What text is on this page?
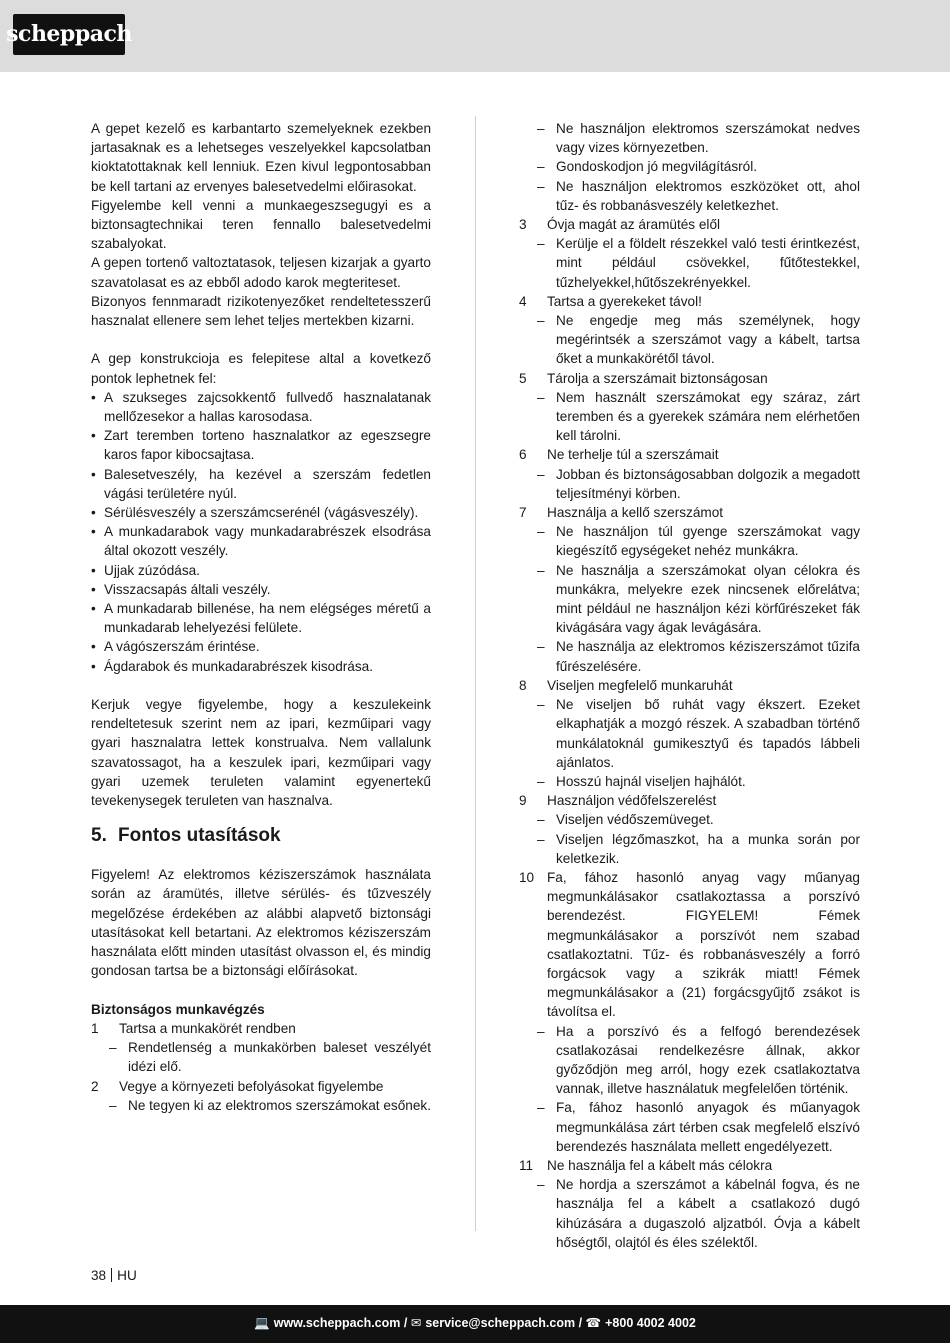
scheppach
A gepet kezelő es karbantarto szemelyeknek ezekben jartasaknak es a lehetseges veszelyekkel kapcsolatban kioktatottaknak kell lenniuk. Ezen kivul legpontosabban be kell tartani az ervenyes balesetvedelmi előirasokat.
Figyelembe kell venni a munkaegeszsegugyi es a biztonsagtechnikai teren fennallo balesetvedelmi szabalyokat.
A gepen tortenő valtoztatasok, teljesen kizarjak a gyarto szavatolasat es az ebből adodo karok megteriteset.
Bizonyos fennmaradt rizikotenyezőket rendeltetesszerű hasznalat ellenere sem lehet teljes mertekben kizarni.
A gep konstrukcioja es felepitese altal a kovetkező pontok lephetnek fel:
• A szukseges zajcsokkentő fullvedő hasznalatanak mellőzesekor a hallas karosodasa.
• Zart teremben torteno hasznalatkor az egeszsegre karos fapor kibocsajtasa.
• Balesetveszély, ha kezével a szerszám fedetlen vágási területére nyúl.
• Sérülésveszély a szerszámcserénél (vágásveszély).
• A munkadarabok vagy munkadarabrészek elsodrása által okozott veszély.
• Ujjak zúzódása.
• Visszacsapás általi veszély.
• A munkadarab billenése, ha nem elégséges méretű a munkadarab lehelyezési felülete.
• A vágószerszám érintése.
• Ágdarabok és munkadarabrészek kisodrása.
Kerjuk vegye figyelembe, hogy a keszulekeink rendeltetesuk szerint nem az ipari, kezműipari vagy gyari hasznalatra lettek konstrualva. Nem vallalunk szavatossagot, ha a keszulek ipari, kezműipari vagy gyari uzemek teruleten valamint egyenertekű tevekenysegek teruleten van hasznalva.
5. Fontos utasítások
Figyelem! Az elektromos kéziszerszámok használata során az áramütés, illetve sérülés- és tűzveszély megelőzése érdekében az alábbi alapvető biztonsági utasításokat kell betartani. Az elektromos kéziszerszám használata előtt minden utasítást olvasson el, és mindig gondosan tartsa be a biztonsági előírásokat.
Biztonságos munkavégzés
1 Tartsa a munkakörét rendben
– Rendetlenség a munkakörben baleset veszélyét idézi elő.
2 Vegye a környezeti befolyásokat figyelembe
– Ne tegyen ki az elektromos szerszámokat esőnek.
– Ne használjon elektromos szerszámokat nedves vagy vizes környezetben.
– Gondoskodjon jó megvilágításról.
– Ne használjon elektromos eszközöket ott, ahol tűz- és robbanásveszély keletkezhet.
3 Óvja magát az áramütés elől
– Kerülje el a földelt részekkel való testi érintkezést, mint például csövekkel, fűtőtestekkel, tűzhelyekkel,hűtőszekrényekkel.
4 Tartsa a gyerekeket távol!
– Ne engedje meg más személynek, hogy megérintsék a szerszámot vagy a kábelt, tartsa őket a munkakörétől távol.
5 Tárolja a szerszámait biztonságosan
– Nem használt szerszámokat egy száraz, zárt teremben és a gyerekek számára nem elérhetően kell tárolni.
6 Ne terhelje túl a szerszámait
– Jobban és biztonságosabban dolgozik a megadott teljesítményi körben.
7 Használja a kellő szerszámot
– Ne használjon túl gyenge szerszámokat vagy kiegészítő egységeket nehéz munkákra.
– Ne használja a szerszámokat olyan célokra és munkákra, melyekre ezek nincsenek előrelátva; mint például ne használjon kézi körfűrészeket fák kivágására vagy ágak levágására.
– Ne használja az elektromos kéziszerszámot tűzifa fűrészelésére.
8 Viseljen megfelelő munkaruhát
– Ne viseljen bő ruhát vagy ékszert. Ezeket elkaphatják a mozgó részek. A szabadban történő munkálatoknál gumikesztyű és tapadós lábbeli ajánlatos.
– Hosszú hajnál viseljen hajhálót.
9 Használjon védőfelszerelést
– Viseljen védőszemüveget.
– Viseljen légzőmaszkot, ha a munka során por keletkezik.
10 Fa, fához hasonló anyag vagy műanyag megmunkálásakor csatlakoztassa a porszívó berendezést. FIGYELEM! Fémek megmunkálásakor a porszívót nem szabad csatlakoztatni. Tűz- és robbanásveszély a forró forgácsok vagy a szikrák miatt! Fémek megmunkálásakor a (21) forgácsgyűjtő zsákot is távolítsa el.
– Ha a porszívó és a felfogó berendezések csatlakozásai rendelkezésre állnak, akkor győződjön meg arról, hogy ezek csatlakoztatva vannak, illetve használatuk megfelelően történik.
– Fa, fához hasonló anyagok és műanyagok megmunkálása zárt térben csak megfelelő elszívó berendezés használata mellett engedélyezett.
11 Ne használja fel a kábelt más célokra
– Ne hordja a szerszámot a kábelnál fogva, és ne használja fel a kábelt a csatlakozó dugó kihúzására a dugaszoló aljzatból. Óvja a kábelt hőségtől, olajtól és éles szélektől.
38 HU
💻 www.scheppach.com
/
✉ service@scheppach.com
/
☎ +800 4002 4002
